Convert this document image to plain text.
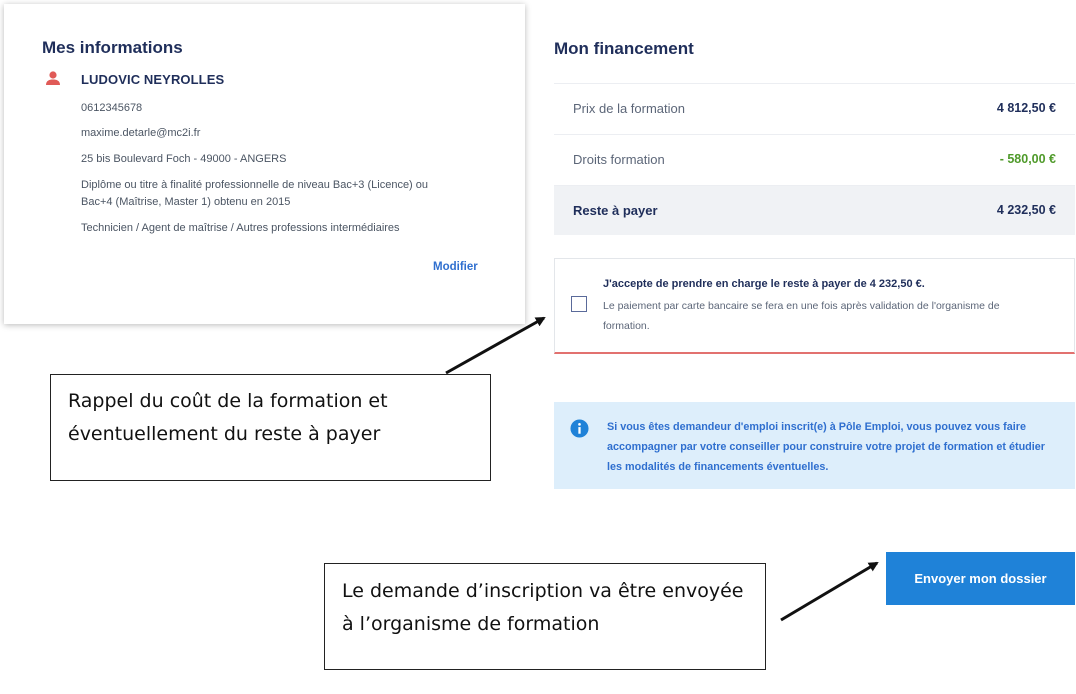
Mes informations
LUDOVIC NEYROLLES
0612345678
maxime.detarle@mc2i.fr
25 bis Boulevard Foch - 49000 - ANGERS
Diplôme ou titre à finalité professionnelle de niveau Bac+3 (Licence) ou
Bac+4 (Maîtrise, Master 1) obtenu en 2015
Technicien / Agent de maîtrise / Autres professions intermédiaires
Modifier
Mon financement
Prix de la formation	4 812,50 €
Droits formation	- 580,00 €
Reste à payer	4 232,50 €
J'accepte de prendre en charge le reste à payer de 4 232,50 €.
Le paiement par carte bancaire se fera en une fois après validation de l'organisme de formation.
Si vous êtes demandeur d'emploi inscrit(e) à Pôle Emploi, vous pouvez vous faire accompagner par votre conseiller pour construire votre projet de formation et étudier les modalités de financements éventuelles.
Envoyer mon dossier
Rappel du coût de la formation et éventuellement du reste à payer
Le demande d’inscription va être envoyée à l’organisme de formation
